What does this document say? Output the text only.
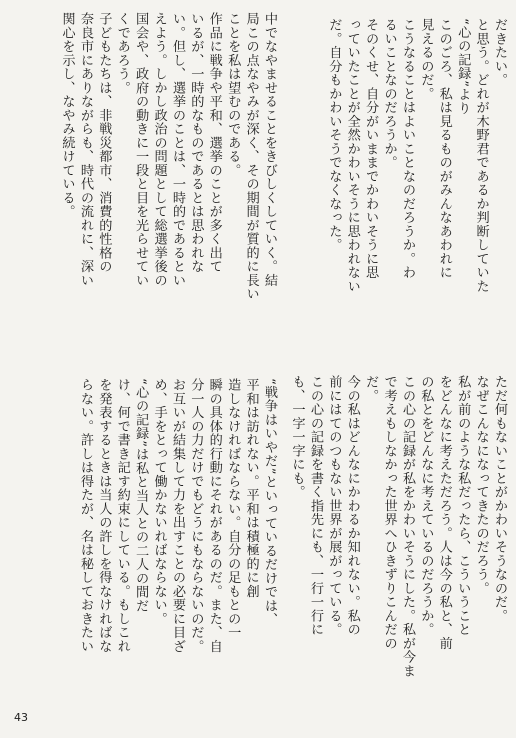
だきたい。
と思う。どれが木野君であるか判断していた
“心の記録”より
このごろ、私は見るものがみんなあわれに
見えるのだ。
こうなることはよいことなのだろうか。わ
るいことなのだろうか。
そのくせ、自分がいままでかわいそうに思
っていたことが全然かわいそうに思われない
だ。自分もかわいそうでなくなった。
ただ何もないことがかわいそうなのだ。
なぜこんなになってきたのだろう。
私が前のような私だったら、こういうこと
をどんなに考えただろう。人は今の私と、前
の私とをどんなに考えているのだろうか。
この心の記録が私をかわいそうにした。私が今ま
で考えもしなかった世界へひきずりこんだの
だ。
今の私はどんなにかわるか知れない。私の
前にはてのつもない世界が展がっている。
この心の記録を書く指先にも、一行一行に
も、一字一字にも。
中でなやませることをきびしくしていく。結
局この点なやみが深く、その期間が質的に長い
ことを私は望むのである。
作品に戦争や平和、選挙のことが多く出て
いるが、一時的なものであるとは思われな
い。但し、選挙のことは、一時的であるとい
えよう。しかし政治の問題として総選挙後の
国会や、政府の動きに一段と目を光らせてい
くであろう。
子どもたちは、非戦災都市、消費的性格の
奈良市にありながらも、時代の流れに、深い
関心を示し、なやみ続けている。
“戦争はいやだ”といっているだけでは、
平和は訪れない。平和は積極的に創
造しなければならない。自分の足もとの一
瞬の具体的行動にそれがあるのだ。また、自
分一人の力だけでもどうにもならないのだ。
お互いが結集して力を出すことの必要に目ざ
め、手をとって働かないればならない。
“心の記録”は私と当人との二人の間だ
け、何で書き記す約束にしている。もしこれ
を発表するときは当人の許しを得なければな
らない。許しは得たが、名は秘しておきたい
43
